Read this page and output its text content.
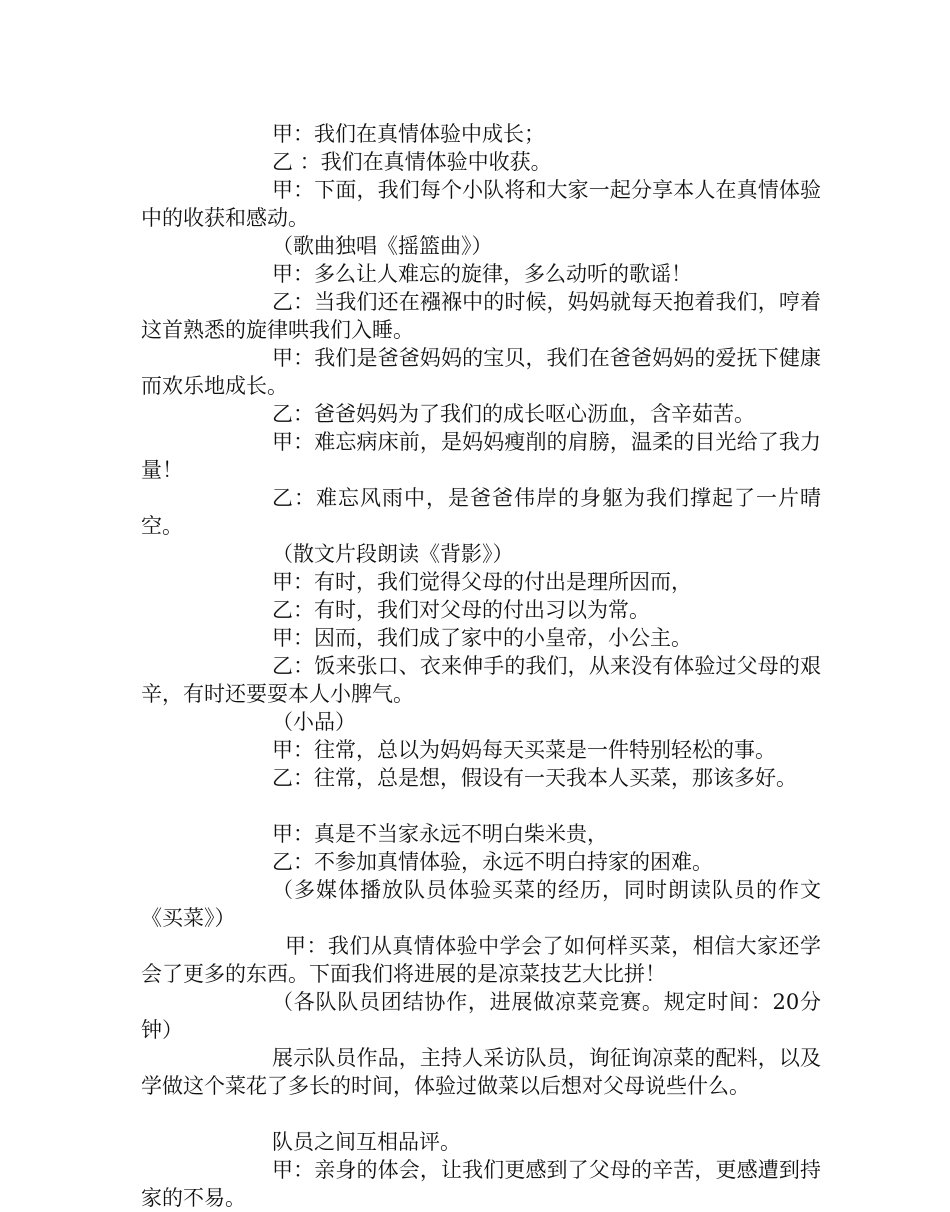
甲：我们在真情体验中成长；

乙 ：我们在真情体验中收获。

甲：下面，我们每个小队将和大家一起分享本人在真情体验中的收获和感动。

（歌曲独唱《摇篮曲》）

甲：多么让人难忘的旋律，多么动听的歌谣！

乙：当我们还在襁褓中的时候，妈妈就每天抱着我们，哼着这首熟悉的旋律哄我们入睡。

甲：我们是爸爸妈妈的宝贝，我们在爸爸妈妈的爱抚下健康而欢乐地成长。

乙：爸爸妈妈为了我们的成长呕心沥血，含辛茹苦。

甲：难忘病床前，是妈妈瘦削的肩膀，温柔的目光给了我力量！

乙：难忘风雨中，是爸爸伟岸的身躯为我们撑起了一片晴空。

（散文片段朗读《背影》）

甲：有时，我们觉得父母的付出是理所因而，

乙：有时，我们对父母的付出习以为常。

甲：因而，我们成了家中的小皇帝，小公主。

乙：饭来张口、衣来伸手的我们，从来没有体验过父母的艰辛，有时还要耍本人小脾气。

（小品）

甲：往常，总以为妈妈每天买菜是一件特别轻松的事。

乙：往常，总是想，假设有一天我本人买菜，那该多好。

甲：真是不当家永远不明白柴米贵，

乙：不参加真情体验，永远不明白持家的困难。

（多媒体播放队员体验买菜的经历，同时朗读队员的作文《买菜》）

甲：我们从真情体验中学会了如何样买菜，相信大家还学会了更多的东西。下面我们将进展的是凉菜技艺大比拼！

（各队队员团结协作，进展做凉菜竞赛。规定时间：20分钟）

展示队员作品，主持人采访队员，询征询凉菜的配料，以及学做这个菜花了多长的时间，体验过做菜以后想对父母说些什么。

队员之间互相品评。

甲：亲身的体会，让我们更感到了父母的辛苦，更感遭到持家的不易。
